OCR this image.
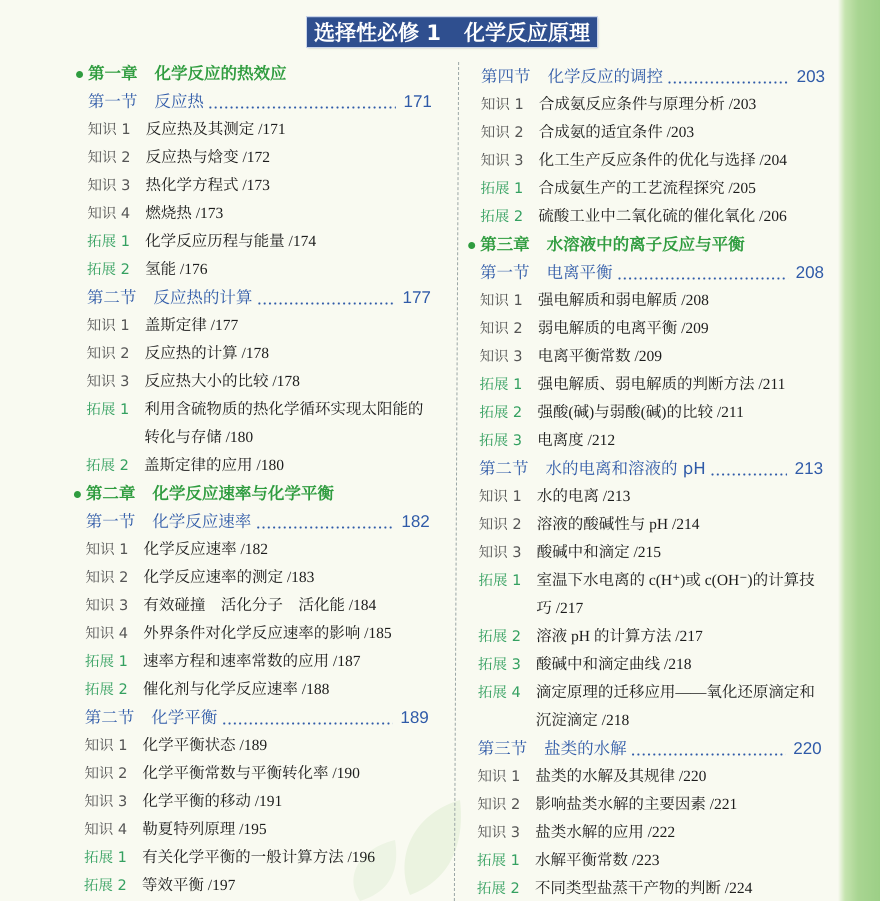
选择性必修 1 化学反应原理
第一章 化学反应的热效应
第一节 反应热	171
知识 1 反应热及其测定 /171
知识 2 反应热与焓变 /172
知识 3 热化学方程式 /173
知识 4 燃烧热 /173
拓展 1 化学反应历程与能量 /174
拓展 2 氢能 /176
第二节 反应热的计算	177
知识 1 盖斯定律 /177
知识 2 反应热的计算 /178
知识 3 反应热大小的比较 /178
拓展 1 利用含硫物质的热化学循环实现太阳能的
转化与存储 /180
拓展 2 盖斯定律的应用 /180
第二章 化学反应速率与化学平衡
第一节 化学反应速率	182
知识 1 化学反应速率 /182
知识 2 化学反应速率的测定 /183
知识 3 有效碰撞　活化分子　活化能 /184
知识 4 外界条件对化学反应速率的影响 /185
拓展 1 速率方程和速率常数的应用 /187
拓展 2 催化剂与化学反应速率 /188
第二节 化学平衡	189
知识 1 化学平衡状态 /189
知识 2 化学平衡常数与平衡转化率 /190
知识 3 化学平衡的移动 /191
知识 4 勒夏特列原理 /195
拓展 1 有关化学平衡的一般计算方法 /196
拓展 2 等效平衡 /197
第四节 化学反应的调控	203
知识 1 合成氨反应条件与原理分析 /203
知识 2 合成氨的适宜条件 /203
知识 3 化工生产反应条件的优化与选择 /204
拓展 1 合成氨生产的工艺流程探究 /205
拓展 2 硫酸工业中二氧化硫的催化氧化 /206
第三章 水溶液中的离子反应与平衡
第一节 电离平衡	208
知识 1 强电解质和弱电解质 /208
知识 2 弱电解质的电离平衡 /209
知识 3 电离平衡常数 /209
拓展 1 强电解质、弱电解质的判断方法 /211
拓展 2 强酸(碱)与弱酸(碱)的比较 /211
拓展 3 电离度 /212
第二节 水的电离和溶液的 pH	213
知识 1 水的电离 /213
知识 2 溶液的酸碱性与 pH /214
知识 3 酸碱中和滴定 /215
拓展 1 室温下水电离的 c(H⁺)或 c(OH⁻)的计算技
巧 /217
拓展 2 溶液 pH 的计算方法 /217
拓展 3 酸碱中和滴定曲线 /218
拓展 4 滴定原理的迁移应用——氧化还原滴定和
沉淀滴定 /218
第三节 盐类的水解	220
知识 1 盐类的水解及其规律 /220
知识 2 影响盐类水解的主要因素 /221
知识 3 盐类水解的应用 /222
拓展 1 水解平衡常数 /223
拓展 2 不同类型盐蒸干产物的判断 /224
